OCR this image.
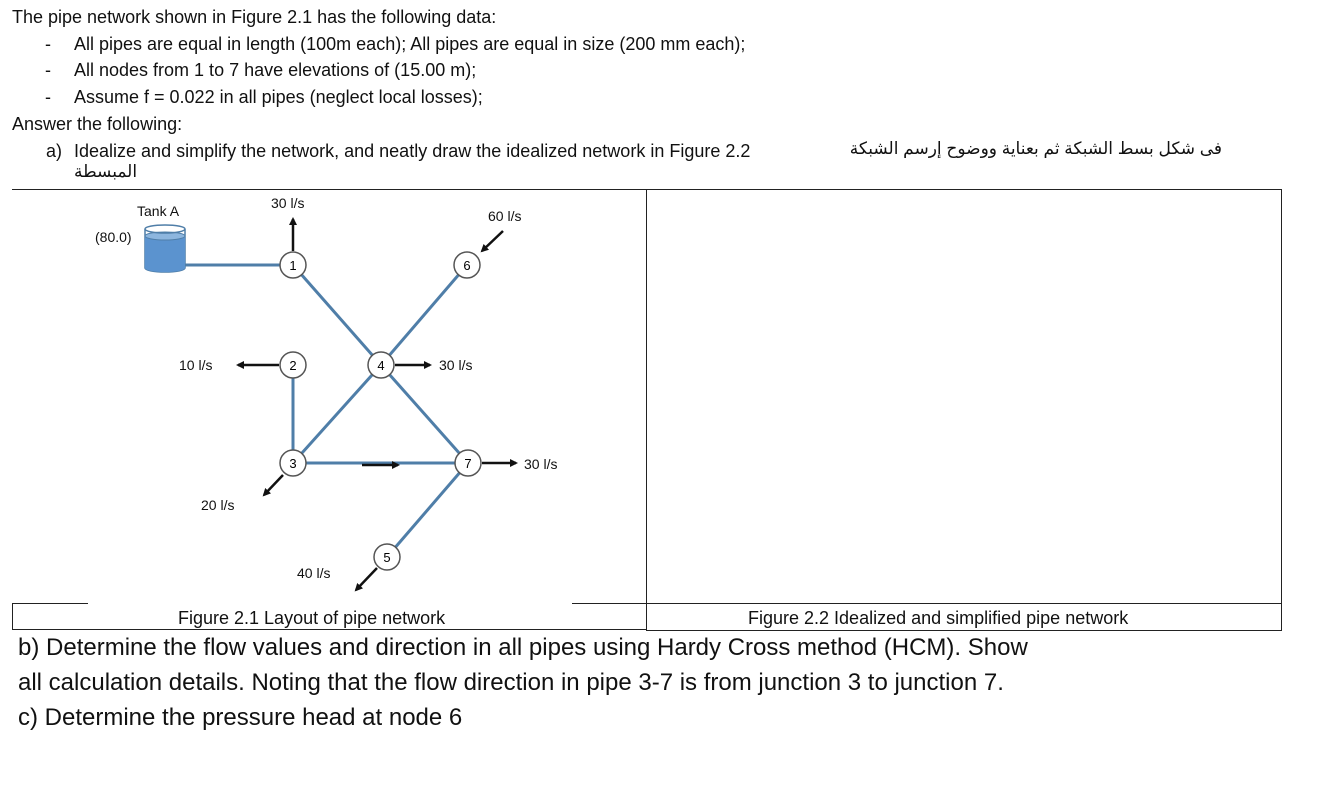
The pipe network shown in Figure 2.1 has the following data:
- All pipes are equal in length (100m each); All pipes are equal in size (200 mm each);
- All nodes from 1 to 7 have elevations of (15.00 m);
- Assume f = 0.022 in all pipes (neglect local losses);
Answer the following:
a) Idealize and simplify the network, and neatly draw the idealized network in Figure 2.2	فى شكل بسط الشبكة ثم بعناية ووضوح إرسم الشبكة
المبسطة
Figure 2.1 Layout of pipe network	Figure 2.2 Idealized and simplified pipe network
1	6
2	4
3	7
5
Tank A
(80.0)
30 l/s
60 l/s
10 l/s	30 l/s
30 l/s
20 l/s
40 l/s
b) Determine the flow values and direction in all pipes using Hardy Cross method (HCM). Show
all calculation details. Noting that the flow direction in pipe 3-7 is from junction 3 to junction 7.
c) Determine the pressure head at node 6
